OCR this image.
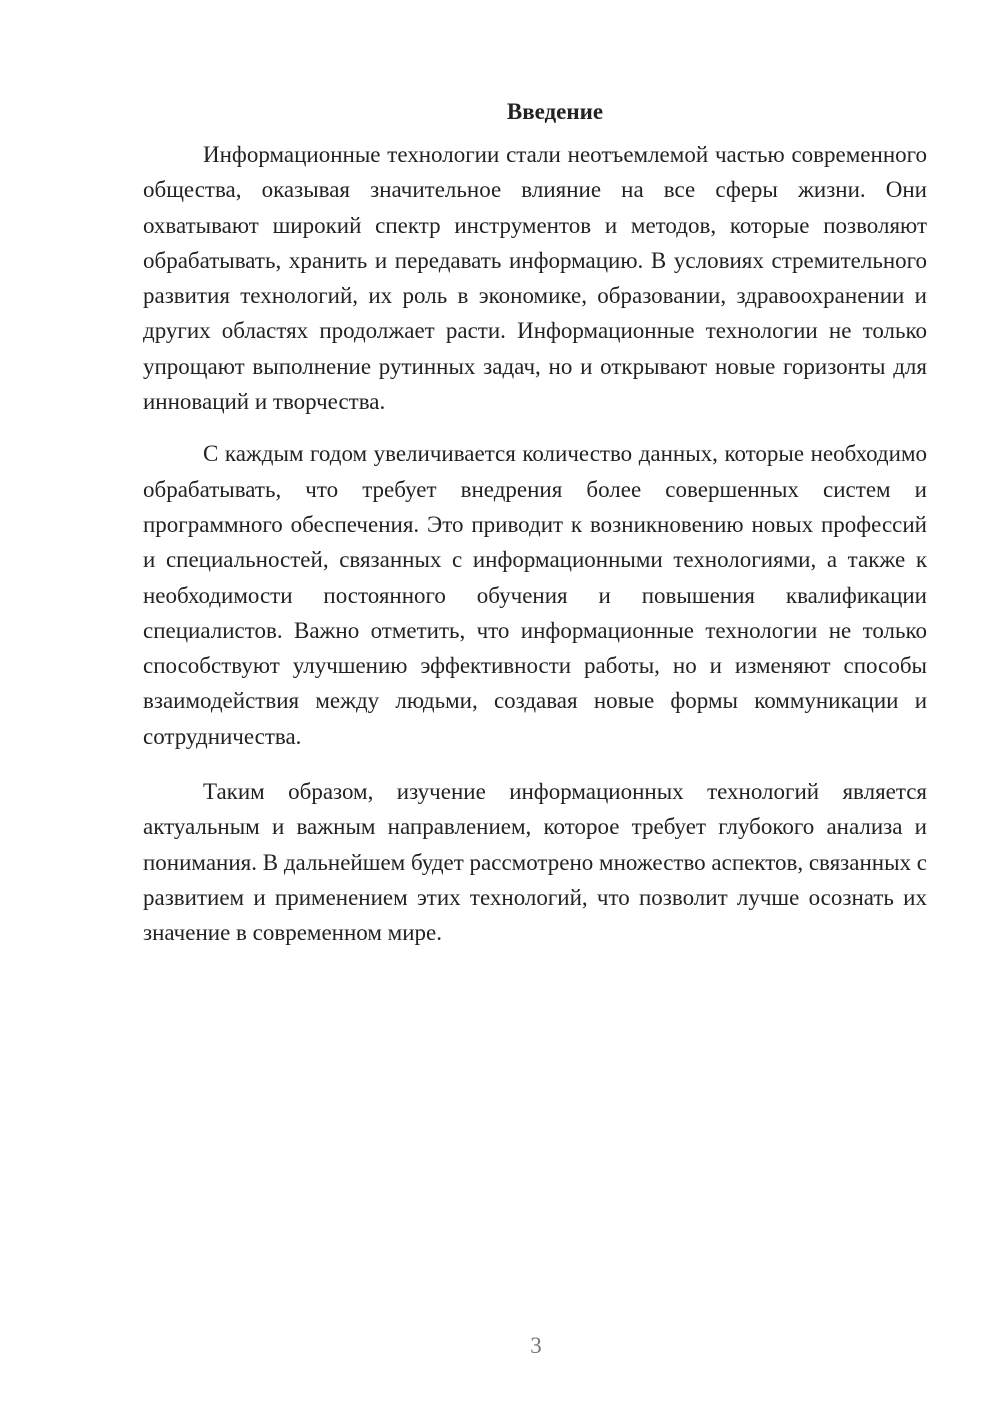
Введение

Информационные технологии стали неотъемлемой частью современного общества, оказывая значительное влияние на все сферы жизни. Они охватывают широкий спектр инструментов и методов, которые позволяют обрабатывать, хранить и передавать информацию. В условиях стремительного развития технологий, их роль в экономике, образовании, здравоохранении и других областях продолжает расти. Информационные технологии не только упрощают выполнение рутинных задач, но и открывают новые горизонты для инноваций и творчества.

С каждым годом увеличивается количество данных, которые необходимо обрабатывать, что требует внедрения более совершенных систем и программного обеспечения. Это приводит к возникновению новых профессий и специальностей, связанных с информационными технологиями, а также к необходимости постоянного обучения и повышения квалификации специалистов. Важно отметить, что информационные технологии не только способствуют улучшению эффективности работы, но и изменяют способы взаимодействия между людьми, создавая новые формы коммуникации и сотрудничества.

Таким образом, изучение информационных технологий является актуальным и важным направлением, которое требует глубокого анализа и понимания. В дальнейшем будет рассмотрено множество аспектов, связанных с развитием и применением этих технологий, что позволит лучше осознать их значение в современном мире.

3
